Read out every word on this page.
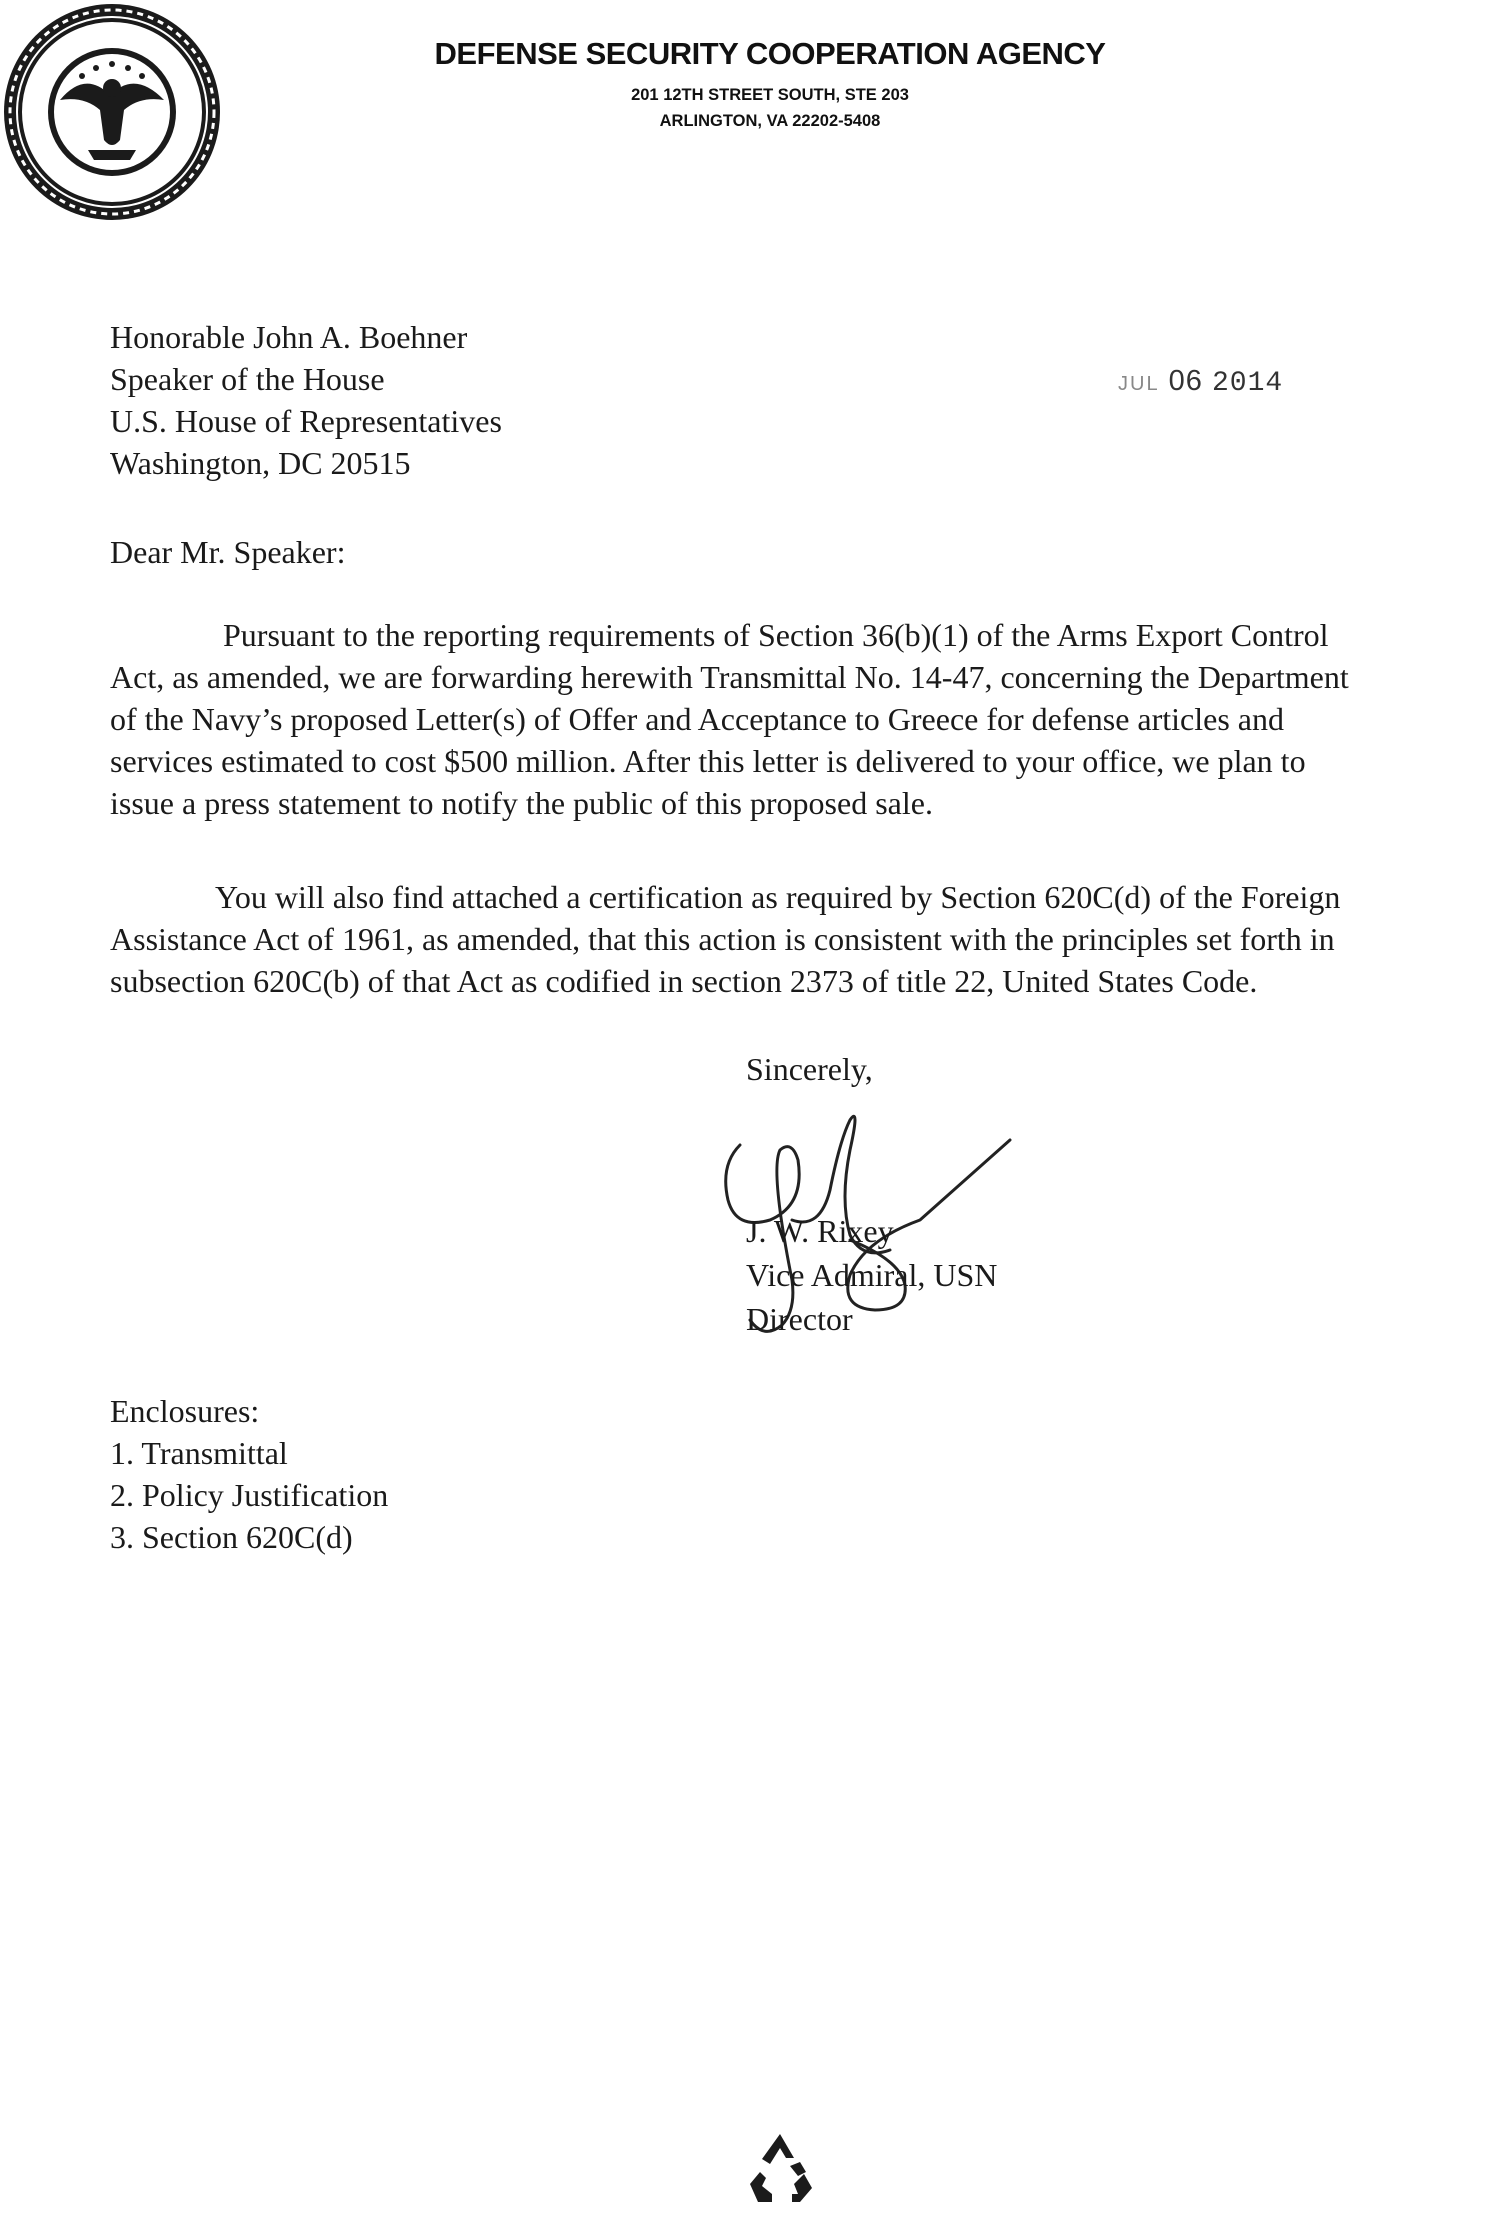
DEFENSE SECURITY COOPERATION AGENCY
201 12TH STREET SOUTH, STE 203
ARLINGTON, VA 22202-5408
Honorable John A. Boehner
Speaker of the House
U.S. House of Representatives
Washington, DC 20515
JUL 06 2014
Dear Mr. Speaker:
Pursuant to the reporting requirements of Section 36(b)(1) of the Arms Export Control
Act, as amended, we are forwarding herewith Transmittal No. 14-47, concerning the Department
of the Navy’s proposed Letter(s) of Offer and Acceptance to Greece for defense articles and
services estimated to cost $500 million. After this letter is delivered to your office, we plan to
issue a press statement to notify the public of this proposed sale.
You will also find attached a certification as required by Section 620C(d) of the Foreign
Assistance Act of 1961, as amended, that this action is consistent with the principles set forth in
subsection 620C(b) of that Act as codified in section 2373 of title 22, United States Code.
Sincerely,
J. W. Rixey
Vice Admiral, USN
Director
Enclosures:
1. Transmittal
2. Policy Justification
3. Section 620C(d)
